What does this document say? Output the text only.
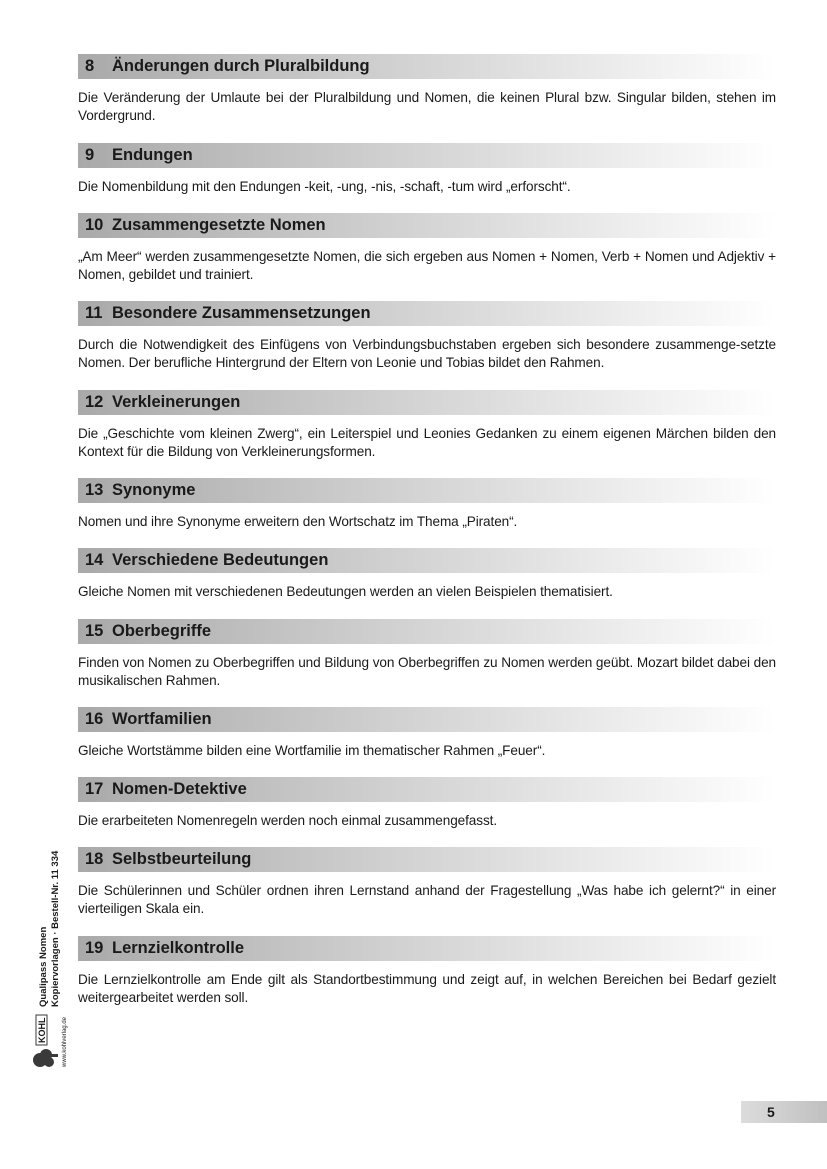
8	Änderungen durch Pluralbildung

Die Veränderung der Umlaute bei der Pluralbildung und Nomen, die keinen Plural bzw. Singular bilden, stehen im Vordergrund.

9	Endungen

Die Nomenbildung mit den Endungen -keit, -ung, -nis, -schaft, -tum wird „erforscht“.

10 Zusammengesetzte Nomen

„Am Meer“ werden zusammengesetzte Nomen, die sich ergeben aus Nomen + Nomen, Verb + Nomen und Adjektiv + Nomen, gebildet und trainiert.

11 Besondere Zusammensetzungen

Durch die Notwendigkeit des Einfügens von Verbindungsbuchstaben ergeben sich besondere zusammenge-setzte Nomen. Der berufliche Hintergrund der Eltern von Leonie und Tobias bildet den Rahmen.

12 Verkleinerungen

Die „Geschichte vom kleinen Zwerg“, ein Leiterspiel und Leonies Gedanken zu einem eigenen Märchen bilden den Kontext für die Bildung von Verkleinerungsformen.

13 Synonyme

Nomen und ihre Synonyme erweitern den Wortschatz im Thema „Piraten“.

14 Verschiedene Bedeutungen

Gleiche Nomen mit verschiedenen Bedeutungen werden an vielen Beispielen thematisiert.

15 Oberbegriffe

Finden von Nomen zu Oberbegriffen und Bildung von Oberbegriffen zu Nomen werden geübt. Mozart bildet dabei den musikalischen Rahmen.

16 Wortfamilien

Gleiche Wortstämme bilden eine Wortfamilie im thematischer Rahmen „Feuer“.

17 Nomen-Detektive

Die erarbeiteten Nomenregeln werden noch einmal zusammengefasst.

18 Selbstbeurteilung

Die Schülerinnen und Schüler ordnen ihren Lernstand anhand der Fragestellung „Was habe ich gelernt?“ in einer vierteiligen Skala ein.

19 Lernzielkontrolle

Die Lernzielkontrolle am Ende gilt als Standortbestimmung und zeigt auf, in welchen Bereichen bei Bedarf gezielt weitergearbeitet werden soll.

KOHL	www.kohlverlag.de
Qualipass Nomen Kopiervorlagen · Bestell-Nr. 11 334
5
